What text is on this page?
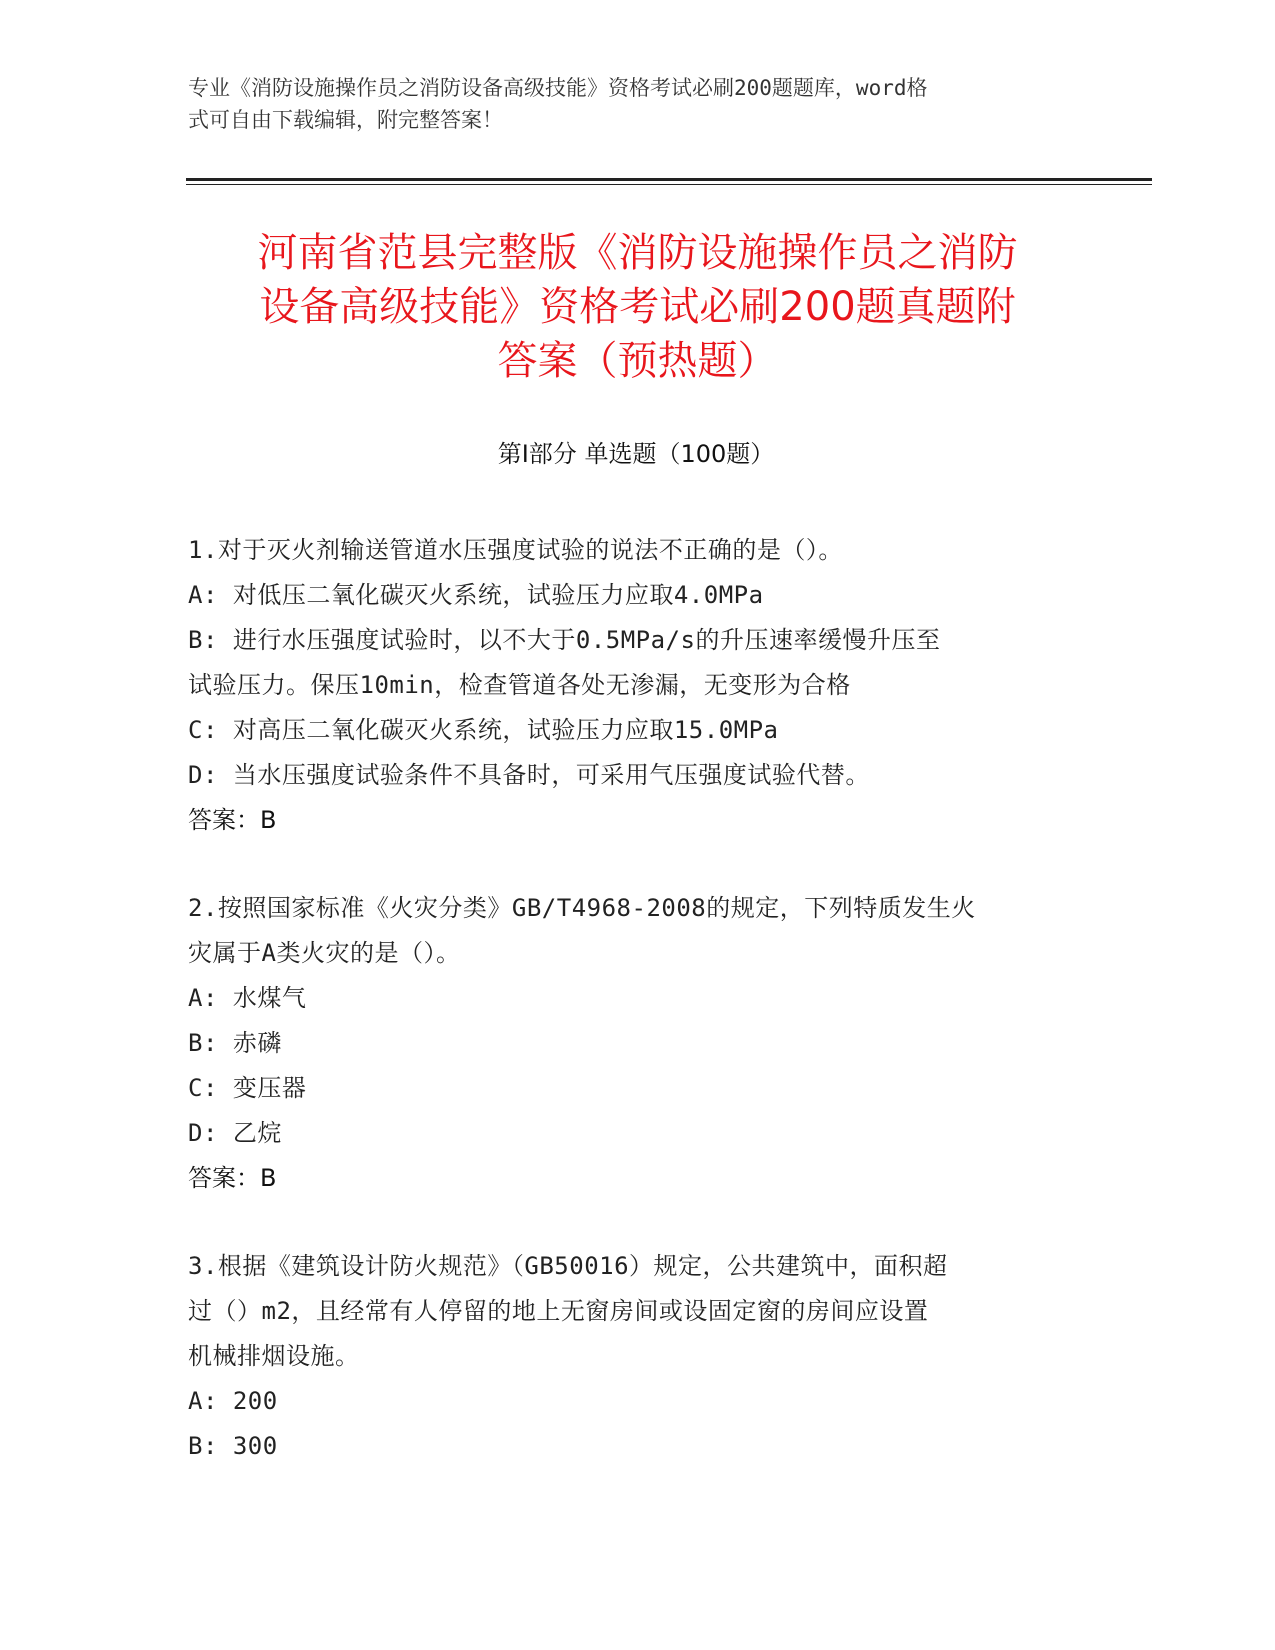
专业《消防设施操作员之消防设备高级技能》资格考试必刷200题题库，word格
式可自由下载编辑，附完整答案！
河南省范县完整版《消防设施操作员之消防
设备高级技能》资格考试必刷200题真题附
答案（预热题）
第Ⅰ部分 单选题（100题）
1.对于灭火剂输送管道水压强度试验的说法不正确的是（）。
A: 对低压二氧化碳灭火系统，试验压力应取4.0MPa
B: 进行水压强度试验时，以不大于0.5MPa/s的升压速率缓慢升压至
试验压力。保压10min，检查管道各处无渗漏，无变形为合格
C: 对高压二氧化碳灭火系统，试验压力应取15.0MPa
D: 当水压强度试验条件不具备时，可采用气压强度试验代替。
答案：B
2.按照国家标准《火灾分类》GB/T4968-2008的规定，下列特质发生火
灾属于A类火灾的是（）。
A: 水煤气
B: 赤磷
C: 变压器
D: 乙烷
答案：B
3.根据《建筑设计防火规范》（GB50016）规定，公共建筑中，面积超
过（）m2，且经常有人停留的地上无窗房间或设固定窗的房间应设置
机械排烟设施。
A: 200
B: 300
